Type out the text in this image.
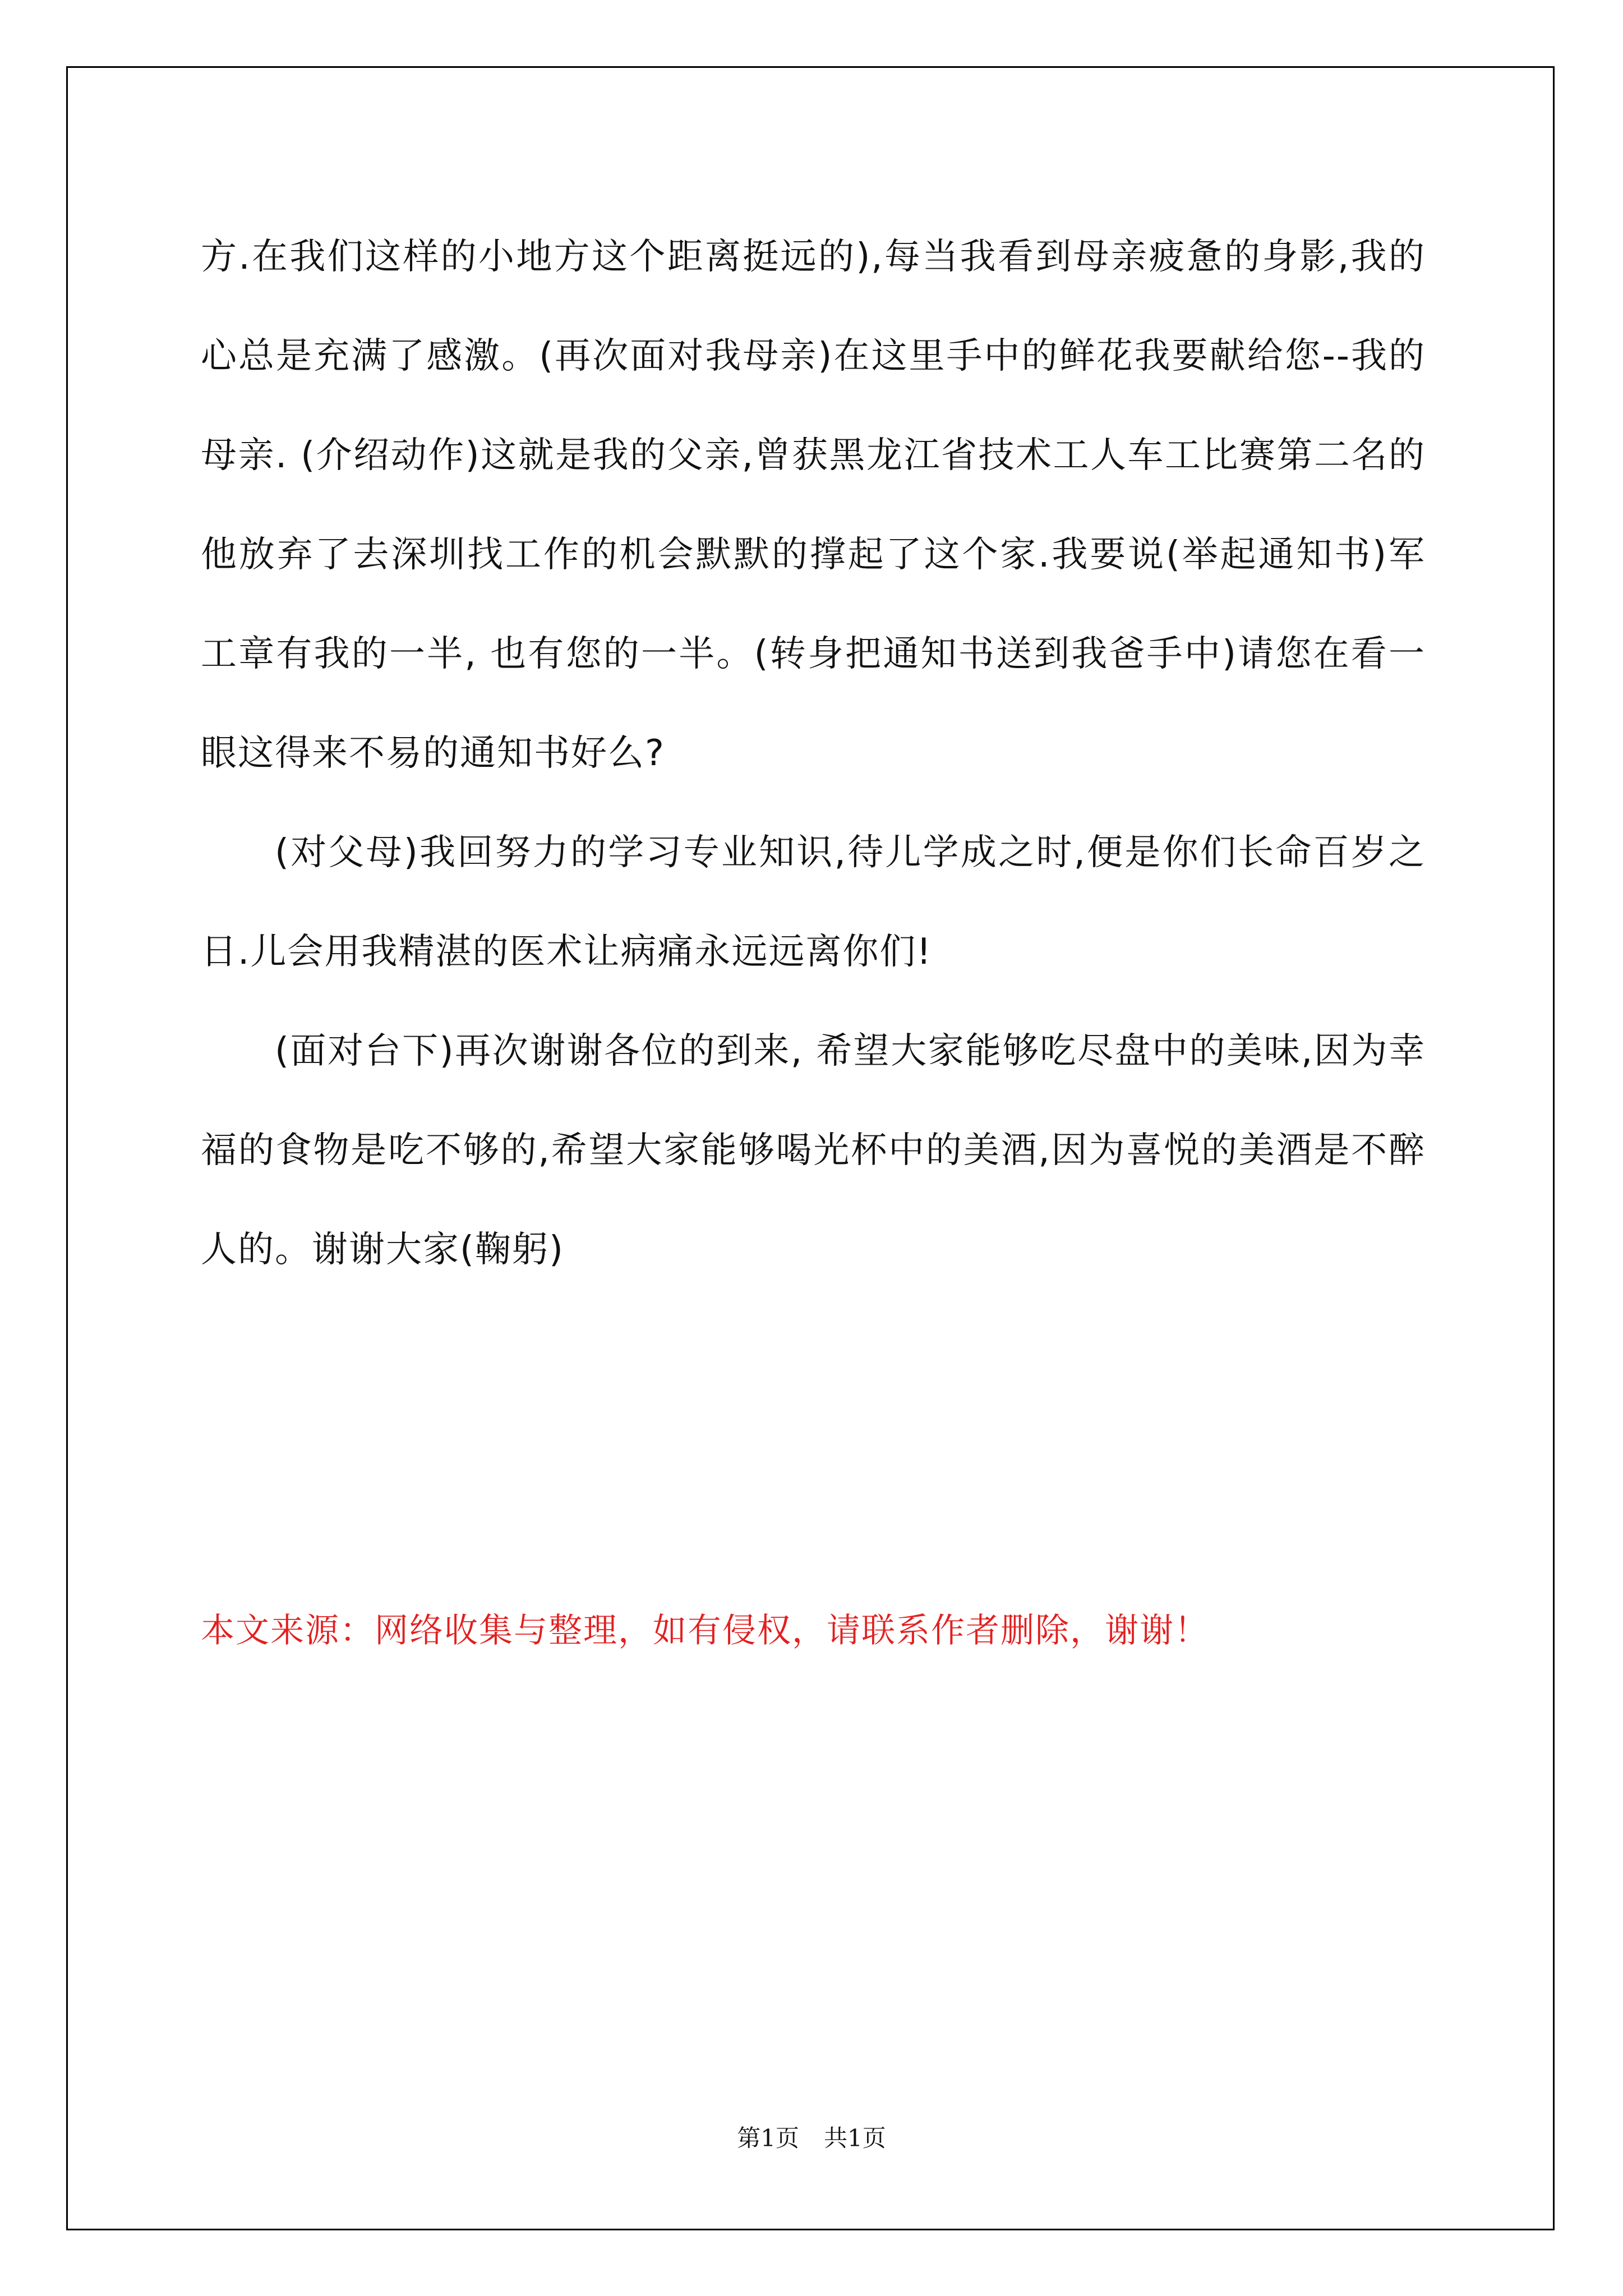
方.在我们这样的小地方这个距离挺远的),每当我看到母亲疲惫的身影,我的心总是充满了感激。(再次面对我母亲)在这里手中的鲜花我要献给您--我的母亲. (介绍动作)这就是我的父亲,曾获黑龙江省技术工人车工比赛第二名的他放弃了去深圳找工作的机会默默的撑起了这个家.我要说(举起通知书)军工章有我的一半, 也有您的一半。(转身把通知书送到我爸手中)请您在看一眼这得来不易的通知书好么?

(对父母)我回努力的学习专业知识,待儿学成之时,便是你们长命百岁之日.儿会用我精湛的医术让病痛永远远离你们!

(面对台下)再次谢谢各位的到来, 希望大家能够吃尽盘中的美味,因为幸福的食物是吃不够的,希望大家能够喝光杯中的美酒,因为喜悦的美酒是不醉人的。谢谢大家(鞠躬)

本文来源：网络收集与整理，如有侵权，请联系作者删除，谢谢！

第1页 共1页
